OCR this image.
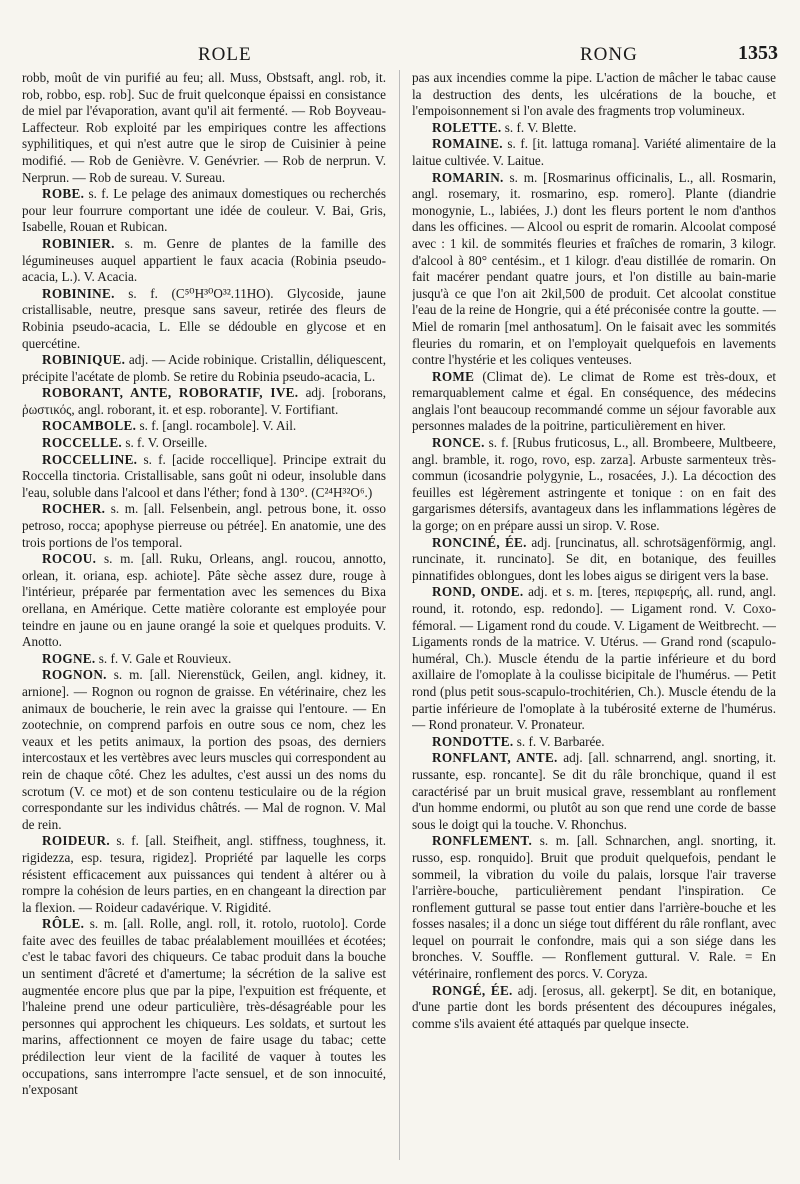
ROLE	RONG	1353

robb, moût de vin purifié au feu; all. Muss, Obstsaft, angl. rob, it. rob, robbo, esp. rob]. Suc de fruit quelconque épaissi en consistance de miel par l'évaporation, avant qu'il ait fermenté. — Rob Boyveau-Laffecteur. Rob exploité par les empiriques contre les affections syphilitiques, et qui n'est autre que le sirop de Cuisinier à peine modifié. — Rob de Genièvre. V. Genévrier. — Rob de nerprun. V. Nerprun. — Rob de sureau. V. Sureau.

ROBE. s. f. Le pelage des animaux domestiques ou recherchés pour leur fourrure comportant une idée de couleur. V. Bai, Gris, Isabelle, Rouan et Rubican.

ROBINIER. s. m. Genre de plantes de la famille des légumineuses auquel appartient le faux acacia (Robinia pseudo-acacia, L.). V. Acacia.

ROBININE. s. f. (C⁵⁰H³⁰O³².11HO). Glycoside, jaune cristallisable, neutre, presque sans saveur, retirée des fleurs de Robinia pseudo-acacia, L. Elle se dédouble en glycose et en quercétine.

ROBINIQUE. adj. — Acide robinique. Cristallin, déliquescent, précipite l'acétate de plomb. Se retire du Robinia pseudo-acacia, L.

ROBORANT, ANTE, ROBORATIF, IVE. adj. [roborans, ῥωστικός, angl. roborant, it. et esp. roborante]. V. Fortifiant.

ROCAMBOLE. s. f. [angl. rocambole]. V. Ail.

ROCCELLE. s. f. V. Orseille.

ROCCELLINE. s. f. [acide roccellique]. Principe extrait du Roccella tinctoria. Cristallisable, sans goût ni odeur, insoluble dans l'eau, soluble dans l'alcool et dans l'éther; fond à 130°. (C²⁴H³²O⁶.)

ROCHER. s. m. [all. Felsenbein, angl. petrous bone, it. osso petroso, rocca; apophyse pierreuse ou pétrée]. En anatomie, une des trois portions de l'os temporal.

ROCOU. s. m. [all. Ruku, Orleans, angl. roucou, annotto, orlean, it. oriana, esp. achiote]. Pâte sèche assez dure, rouge à l'intérieur, préparée par fermentation avec les semences du Bixa orellana, en Amérique. Cette matière colorante est employée pour teindre en jaune ou en jaune orangé la soie et quelques produits. V. Anotto.

ROGNE. s. f. V. Gale et Rouvieux.

ROGNON. s. m. [all. Nierenstück, Geilen, angl. kidney, it. arnione]. — Rognon ou rognon de graisse. En vétérinaire, chez les animaux de boucherie, le rein avec la graisse qui l'entoure. — En zootechnie, on comprend parfois en outre sous ce nom, chez les veaux et les petits animaux, la portion des psoas, des derniers intercostaux et les vertèbres avec leurs muscles qui correspondent au rein de chaque côté. Chez les adultes, c'est aussi un des noms du scrotum (V. ce mot) et de son contenu testiculaire ou de la région correspondante sur les individus châtrés. — Mal de rognon. V. Mal de rein.

ROIDEUR. s. f. [all. Steifheit, angl. stiffness, toughness, it. rigidezza, esp. tesura, rigidez]. Propriété par laquelle les corps résistent efficacement aux puissances qui tendent à altérer ou à rompre la cohésion de leurs parties, en en changeant la direction par la flexion. — Roideur cadavérique. V. Rigidité.

RÔLE. s. m. [all. Rolle, angl. roll, it. rotolo, ruotolo]. Corde faite avec des feuilles de tabac préalablement mouillées et écotées; c'est le tabac favori des chiqueurs. Ce tabac produit dans la bouche un sentiment d'âcreté et d'amertume; la sécrétion de la salive est augmentée encore plus que par la pipe, l'expuition est fréquente, et l'haleine prend une odeur particulière, très-désagréable pour les personnes qui approchent les chiqueurs. Les soldats, et surtout les marins, affectionnent ce moyen de faire usage du tabac; cette prédilection leur vient de la facilité de vaquer à toutes les occupations, sans interrompre l'acte sensuel, et de son innocuité, n'exposant

pas aux incendies comme la pipe. L'action de mâcher le tabac cause la destruction des dents, les ulcérations de la bouche, et l'empoisonnement si l'on avale des fragments trop volumineux.

ROLETTE. s. f. V. Blette.

ROMAINE. s. f. [it. lattuga romana]. Variété alimentaire de la laitue cultivée. V. Laitue.

ROMARIN. s. m. [Rosmarinus officinalis, L., all. Rosmarin, angl. rosemary, it. rosmarino, esp. romero]. Plante (diandrie monogynie, L., labiées, J.) dont les fleurs portent le nom d'anthos dans les officines. — Alcool ou esprit de romarin. Alcoolat composé avec : 1 kil. de sommités fleuries et fraîches de romarin, 3 kilogr. d'alcool à 80° centésim., et 1 kilogr. d'eau distillée de romarin. On fait macérer pendant quatre jours, et l'on distille au bain-marie jusqu'à ce que l'on ait 2kil,500 de produit. Cet alcoolat constitue l'eau de la reine de Hongrie, qui a été préconisée contre la goutte. — Miel de romarin [mel anthosatum]. On le faisait avec les sommités fleuries du romarin, et on l'employait quelquefois en lavements contre l'hystérie et les coliques venteuses.

ROME (Climat de). Le climat de Rome est très-doux, et remarquablement calme et égal. En conséquence, des médecins anglais l'ont beaucoup recommandé comme un séjour favorable aux personnes malades de la poitrine, particulièrement en hiver.

RONCE. s. f. [Rubus fruticosus, L., all. Brombeere, Multbeere, angl. bramble, it. rogo, rovo, esp. zarza]. Arbuste sarmenteux très-commun (icosandrie polygynie, L., rosacées, J.). La décoction des feuilles est légèrement astringente et tonique : on en fait des gargarismes détersifs, avantageux dans les inflammations légères de la gorge; on en prépare aussi un sirop. V. Rose.

RONCINÉ, ÉE. adj. [runcinatus, all. schrotsägenförmig, angl. runcinate, it. runcinato]. Se dit, en botanique, des feuilles pinnatifides oblongues, dont les lobes aigus se dirigent vers la base.

ROND, ONDE. adj. et s. m. [teres, περιφερής, all. rund, angl. round, it. rotondo, esp. redondo]. — Ligament rond. V. Coxo-fémoral. — Ligament rond du coude. V. Ligament de Weitbrecht. — Ligaments ronds de la matrice. V. Utérus. — Grand rond (scapulo-huméral, Ch.). Muscle étendu de la partie inférieure et du bord axillaire de l'omoplate à la coulisse bicipitale de l'humérus. — Petit rond (plus petit sous-scapulo-trochitérien, Ch.). Muscle étendu de la partie inférieure de l'omoplate à la tubérosité externe de l'humérus. — Rond pronateur. V. Pronateur.

RONDOTTE. s. f. V. Barbarée.

RONFLANT, ANTE. adj. [all. schnarrend, angl. snorting, it. russante, esp. roncante]. Se dit du râle bronchique, quand il est caractérisé par un bruit musical grave, ressemblant au ronflement d'un homme endormi, ou plutôt au son que rend une corde de basse sous le doigt qui la touche. V. Rhonchus.

RONFLEMENT. s. m. [all. Schnarchen, angl. snorting, it. russo, esp. ronquido]. Bruit que produit quelquefois, pendant le sommeil, la vibration du voile du palais, lorsque l'air traverse l'arrière-bouche, particulièrement pendant l'inspiration. Ce ronflement guttural se passe tout entier dans l'arrière-bouche et les fosses nasales; il a donc un siége tout différent du râle ronflant, avec lequel on pourrait le confondre, mais qui a son siége dans les bronches. V. Souffle. — Ronflement guttural. V. Rale. = En vétérinaire, ronflement des porcs. V. Coryza.

RONGÉ, ÉE. adj. [erosus, all. gekerpt]. Se dit, en botanique, d'une partie dont les bords présentent des découpures inégales, comme s'ils avaient été attaqués par quelque insecte.
